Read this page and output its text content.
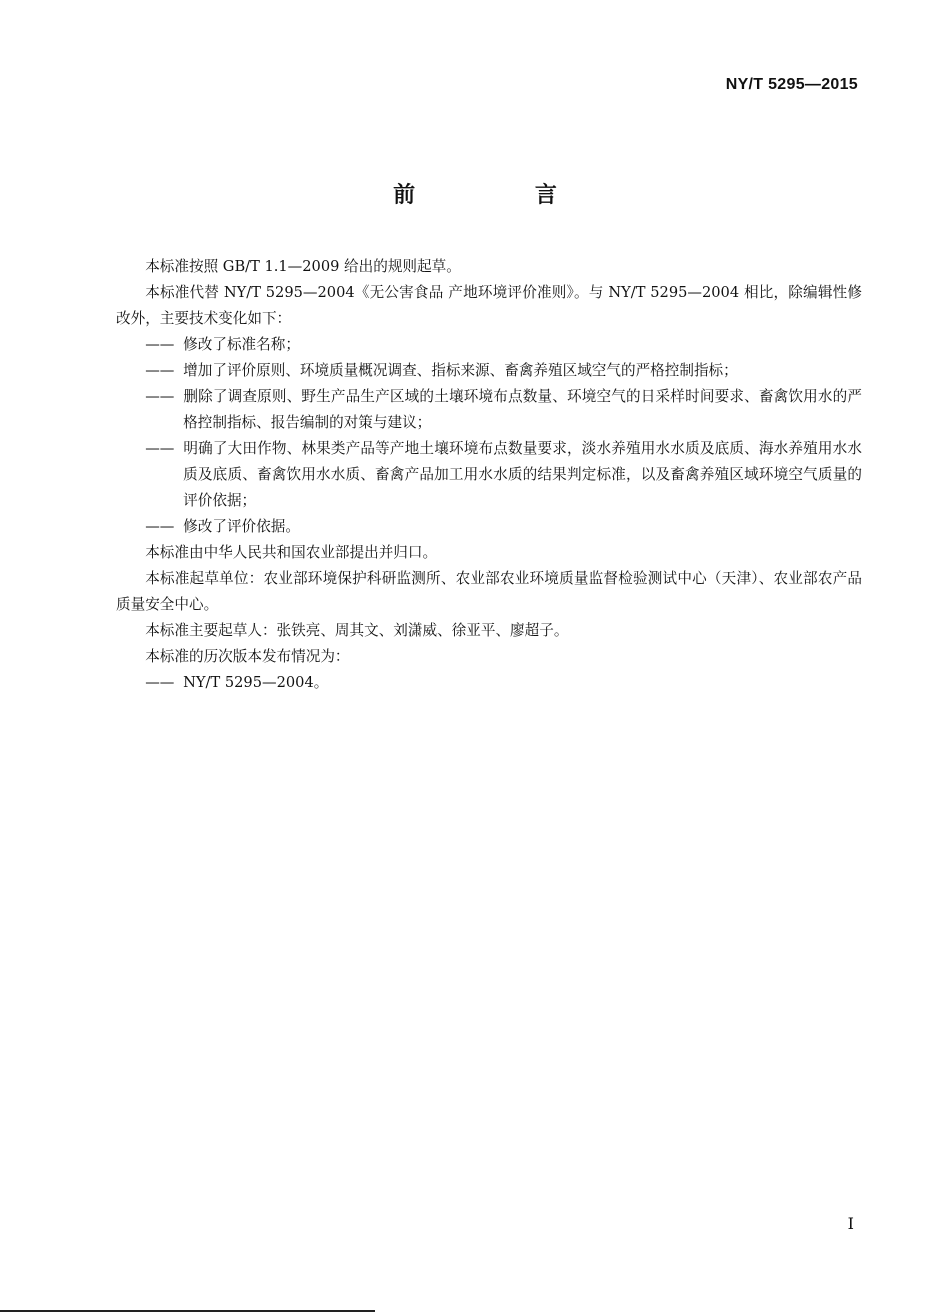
NY/T 5295—2015
前 言

本标准按照 GB/T 1.1—2009 给出的规则起草。

本标准代替 NY/T 5295—2004《无公害食品 产地环境评价准则》。与 NY/T 5295—2004 相比，除编辑性修改外，主要技术变化如下：

—— 修改了标准名称；

—— 增加了评价原则、环境质量概况调查、指标来源、畜禽养殖区域空气的严格控制指标；

—— 删除了调查原则、野生产品生产区域的土壤环境布点数量、环境空气的日采样时间要求、畜禽饮用水的严格控制指标、报告编制的对策与建议；

—— 明确了大田作物、林果类产品等产地土壤环境布点数量要求，淡水养殖用水水质及底质、海水养殖用水水质及底质、畜禽饮用水水质、畜禽产品加工用水水质的结果判定标准，以及畜禽养殖区域环境空气质量的评价依据；

—— 修改了评价依据。

本标准由中华人民共和国农业部提出并归口。

本标准起草单位：农业部环境保护科研监测所、农业部农业环境质量监督检验测试中心（天津）、农业部农产品质量安全中心。

本标准主要起草人：张铁亮、周其文、刘潇威、徐亚平、廖超子。

本标准的历次版本发布情况为：

—— NY/T 5295—2004。

I
